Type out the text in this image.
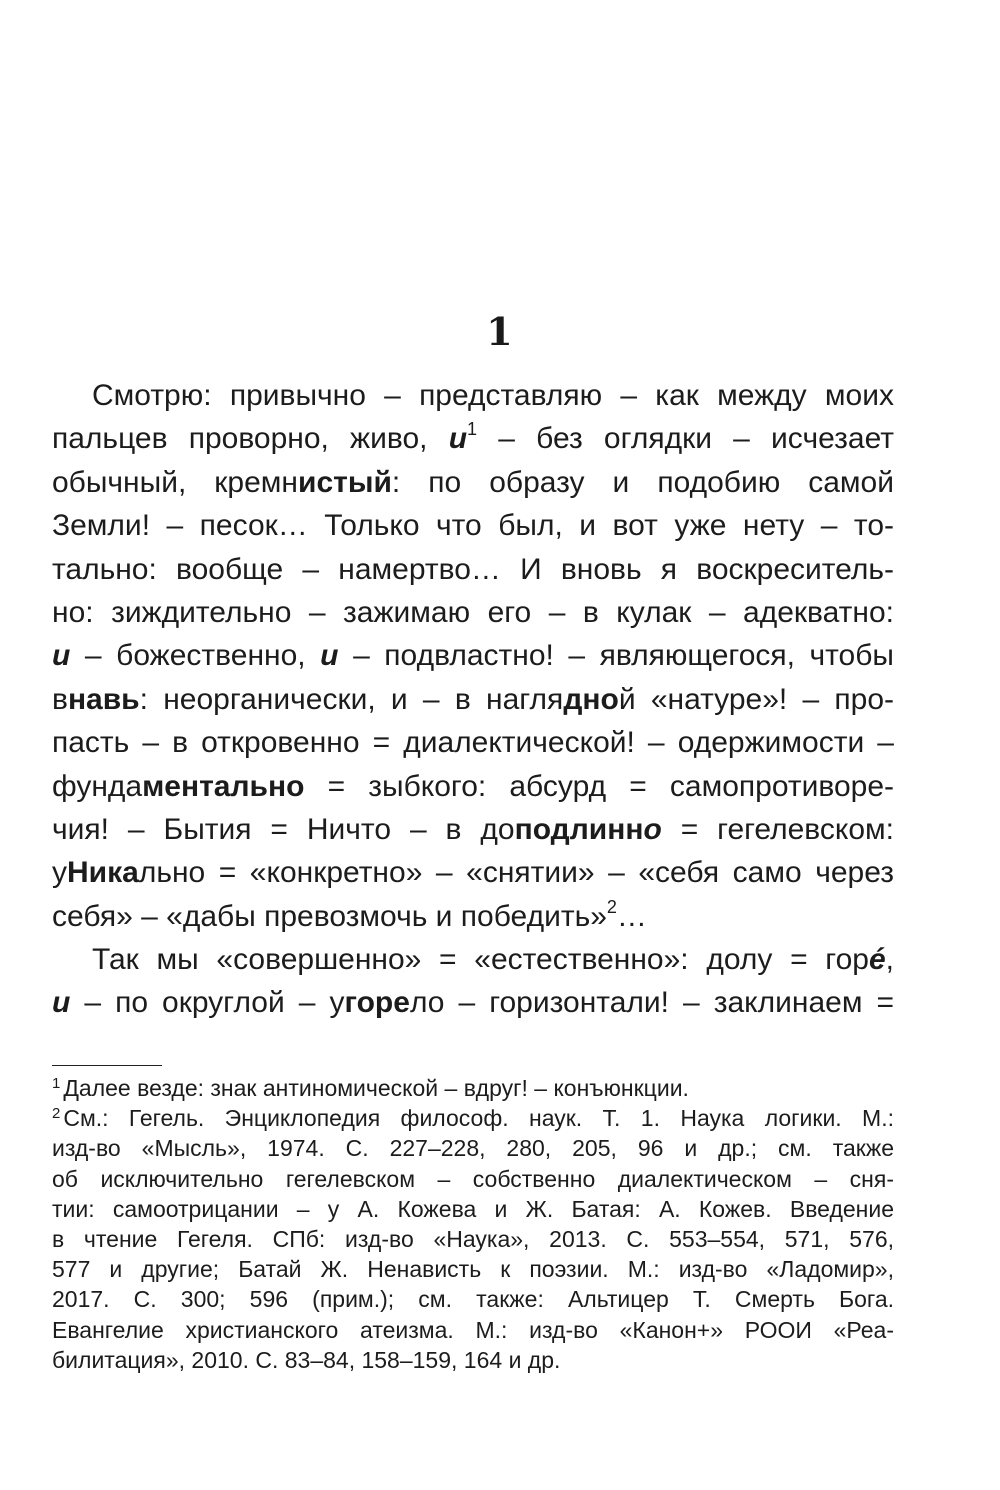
1
Смотрю: привычно – представляю – как между моих
пальцев проворно, живо, и$^1$ – без оглядки – исчезает
обычный, кремнистый: по образу и подобию самой
Земли! – песок… Только что был, и вот уже нету – то-
тально: вообще – намертво… И вновь я воскреситель-
но: зиждительно – зажимаю его – в кулак – адекватно:
и – божественно, и – подвластно! – являющегося, чтобы
внавь: неорганически, и – в наглядной «натуре»! – про-
пасть – в откровенно = диалектической! – одержимости –
фундаментально = зыбкого: абсурд = самопротиворе-
чия! – Бытия = Ничто – в доподлинно = гегелевском:
уНикально = «конкретно» – «снятии» – «себя само через
себя» – «дабы превозмочь и победить»$^2$…
Так мы «совершенно» = «естественно»: долу = горé,
и – по округлой – угорело – горизонтали! – заклинаем =
$^1$ Далее везде: знак антиномической – вдруг! – конъюнкции.
$^2$ См.: Гегель. Энциклопедия философ. наук. Т. 1. Наука логики. М.:
изд-во «Мысль», 1974. С. 227–228, 280, 205, 96 и др.; см. также
об исключительно гегелевском – собственно диалектическом – сня-
тии: самоотрицании – у А. Кожева и Ж. Батая: А. Кожев. Введение
в чтение Гегеля. СПб: изд-во «Наука», 2013. С. 553–554, 571, 576,
577 и другие; Батай Ж. Ненависть к поэзии. М.: изд-во «Ладомир»,
2017. С. 300; 596 (прим.); см. также: Альтицер Т. Смерть Бога.
Евангелие христианского атеизма. М.: изд-во «Канон+» РООИ «Реа-
билитация», 2010. С. 83–84, 158–159, 164 и др.
